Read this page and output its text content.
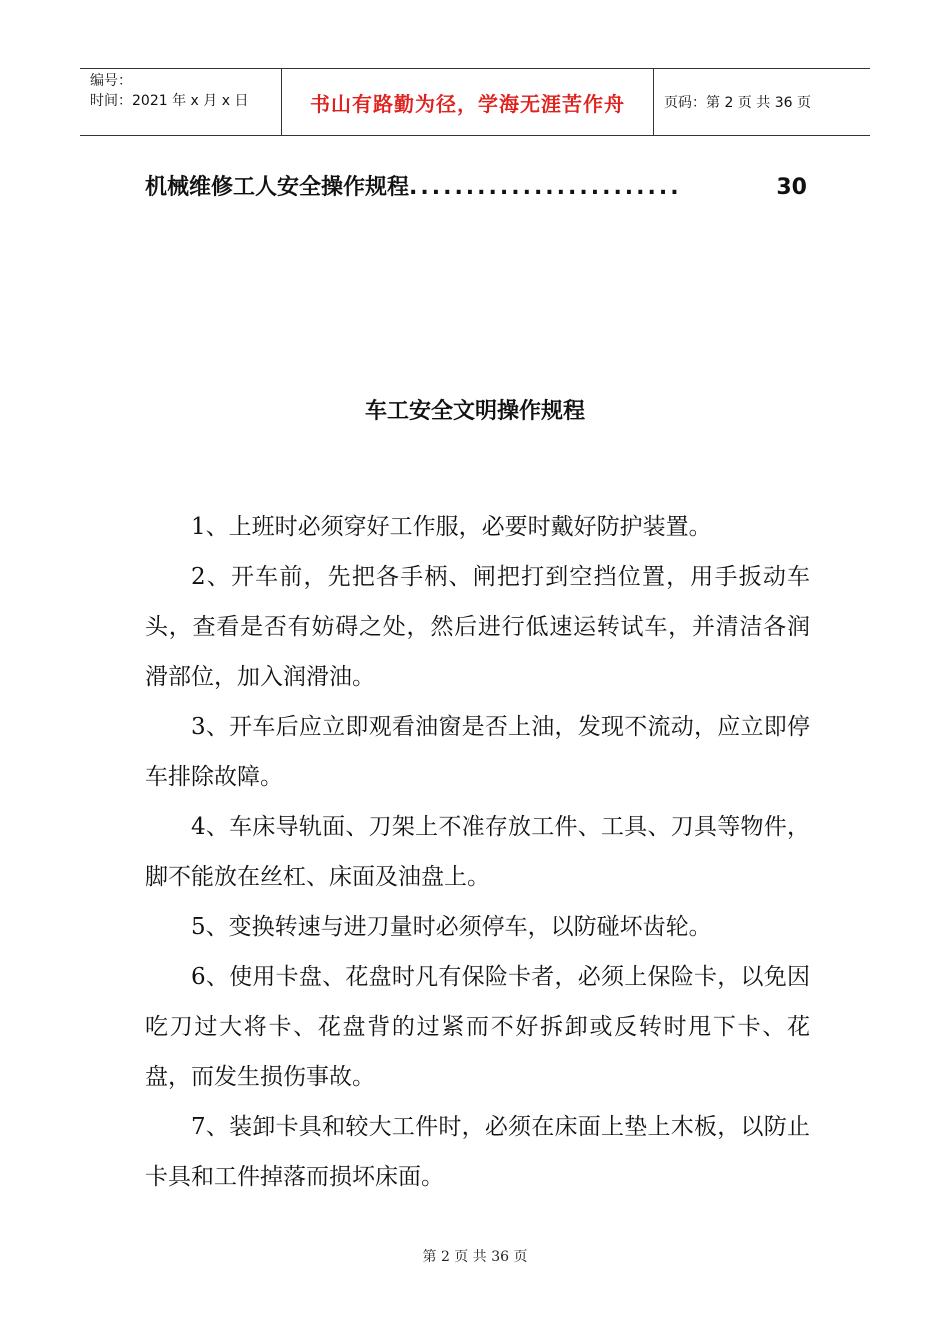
编号：
时间：2021 年 x 月 x 日	书山有路勤为径，学海无涯苦作舟	页码：第 2 页 共 36 页
机械维修工人安全操作规程 ........................	30
车工安全文明操作规程

1、上班时必须穿好工作服，必要时戴好防护装置。

2、开车前，先把各手柄、闸把打到空挡位置，用手扳动车头，查看是否有妨碍之处，然后进行低速运转试车，并清洁各润滑部位，加入润滑油。

3、开车后应立即观看油窗是否上油，发现不流动，应立即停车排除故障。

4、车床导轨面、刀架上不准存放工件、工具、刀具等物件，脚不能放在丝杠、床面及油盘上。

5、变换转速与进刀量时必须停车，以防碰坏齿轮。

6、使用卡盘、花盘时凡有保险卡者，必须上保险卡，以免因吃刀过大将卡、花盘背的过紧而不好拆卸或反转时甩下卡、花盘，而发生损伤事故。

7、装卸卡具和较大工件时，必须在床面上垫上木板，以防止卡具和工件掉落而损坏床面。

第 2 页 共 36 页
